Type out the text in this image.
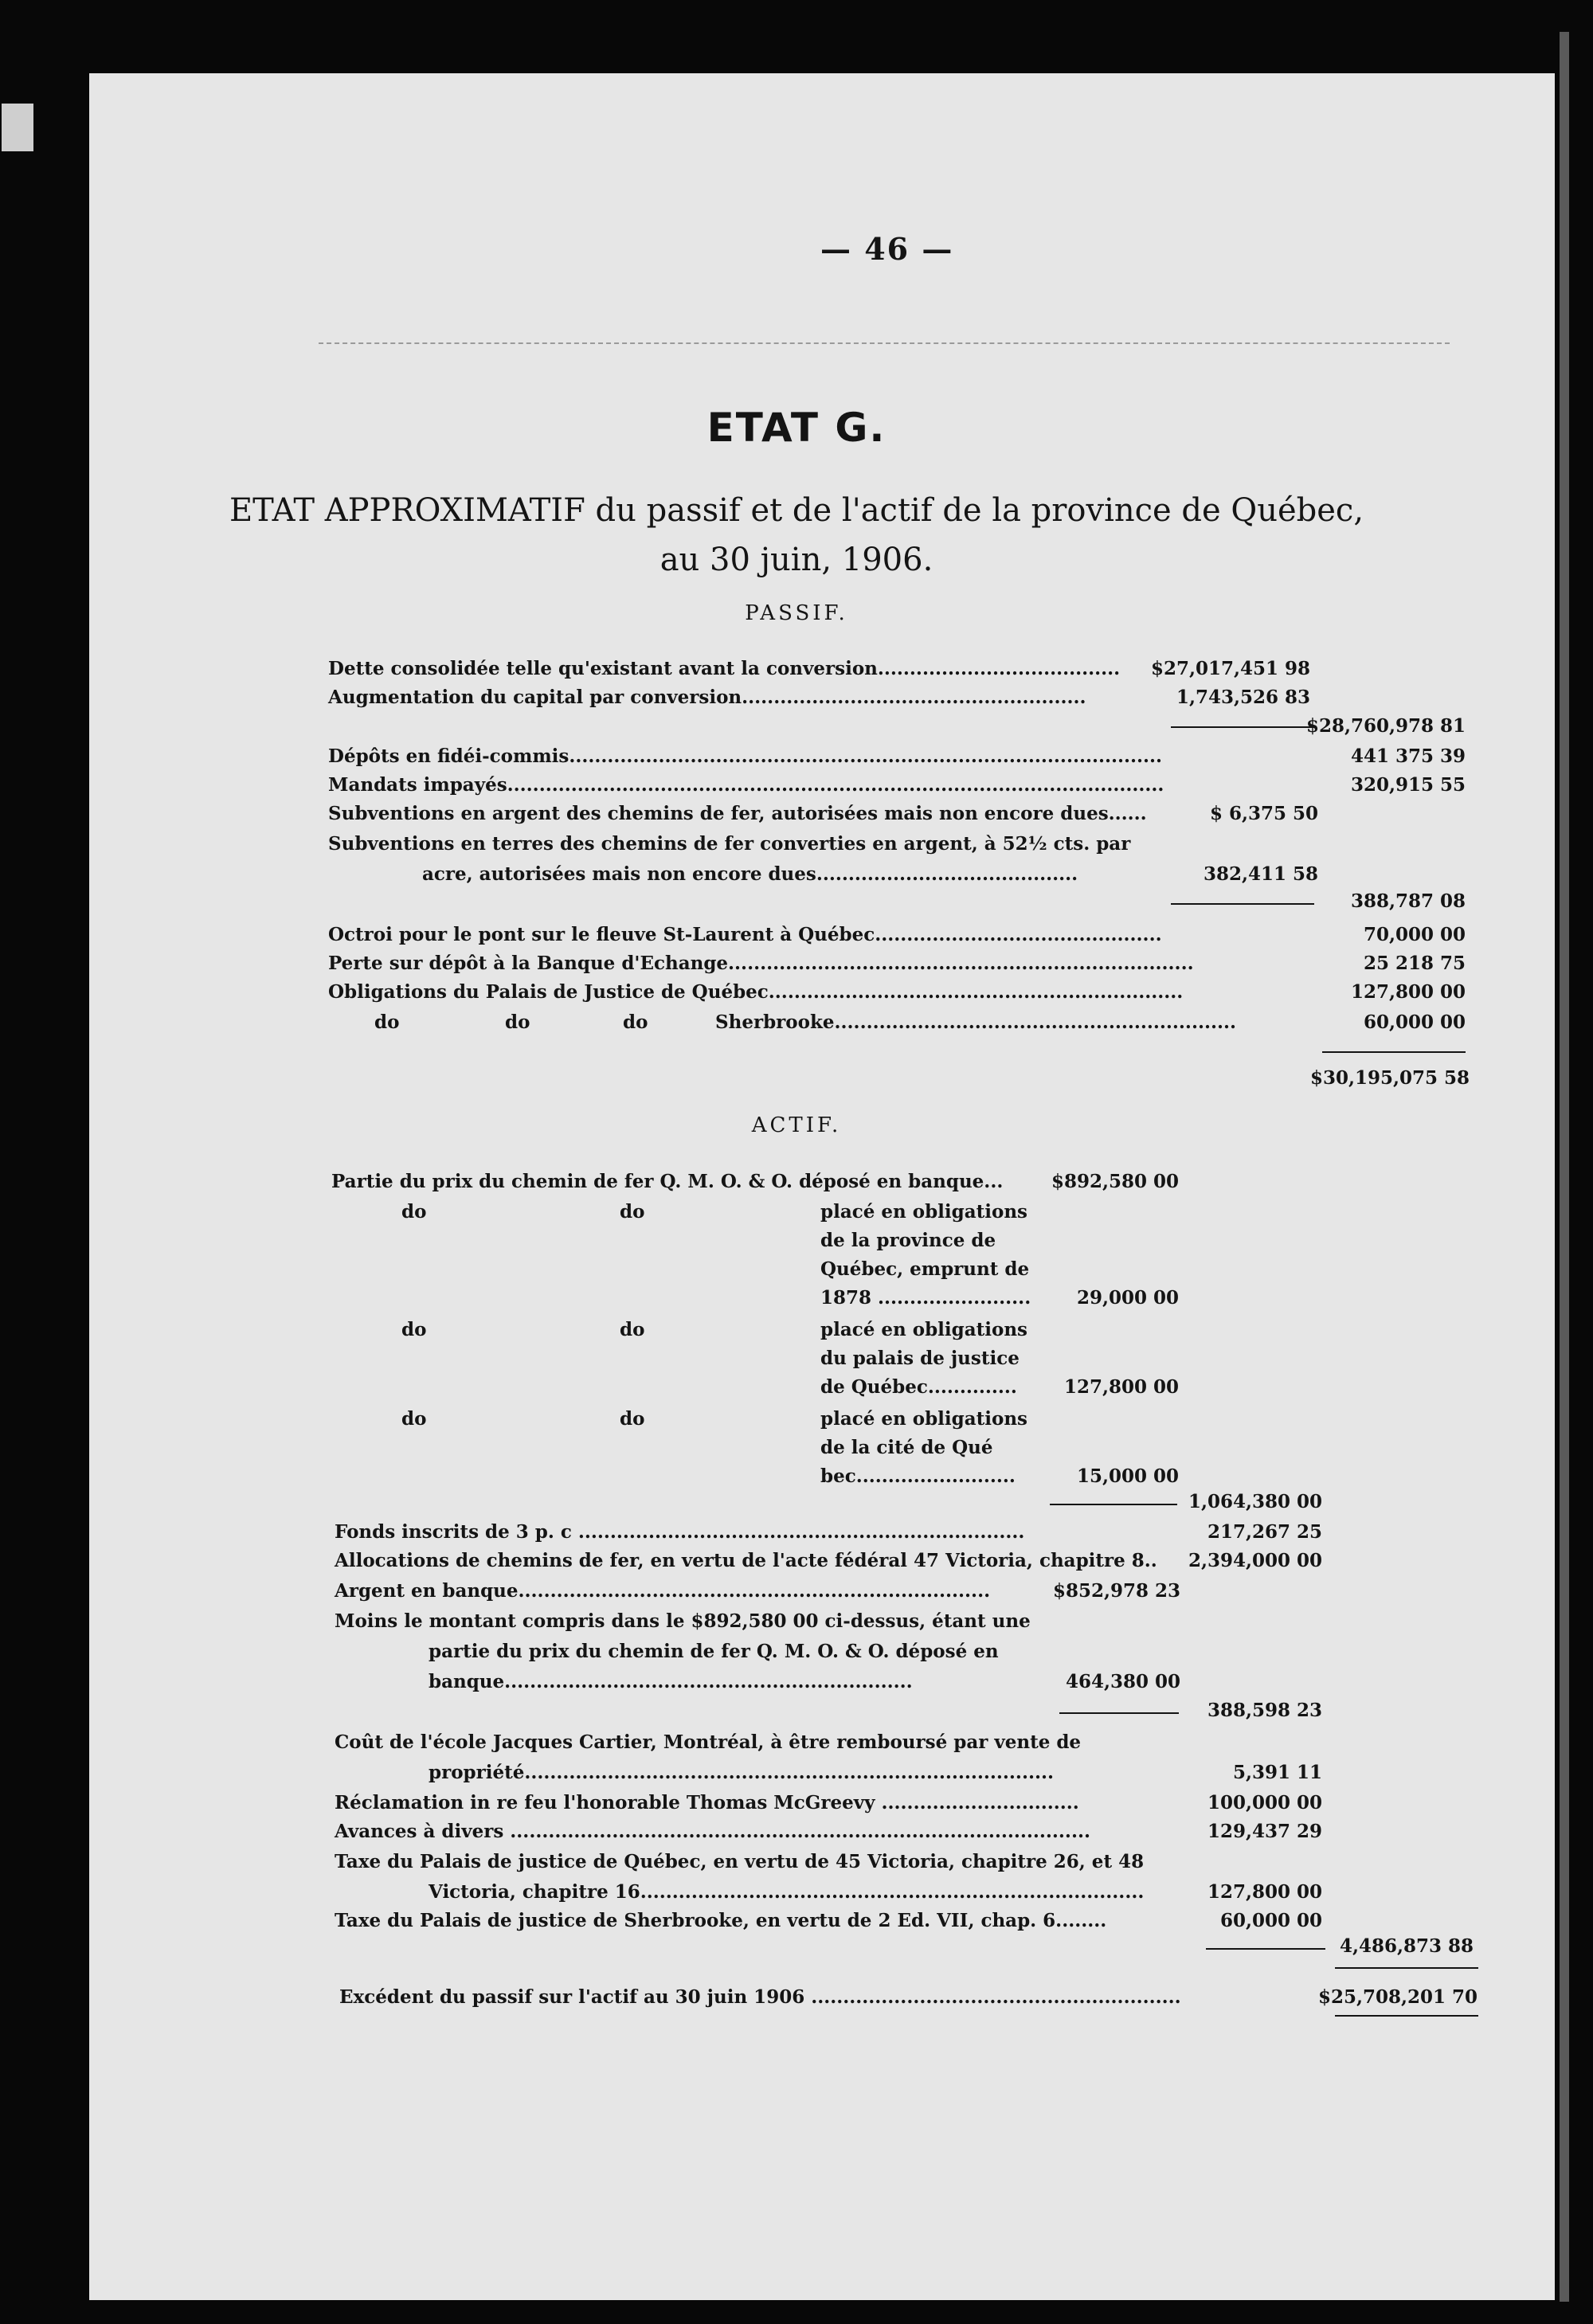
— 46 —
ETAT G.
ETAT APPROXIMATIF du passif et de l'actif de la province de Québec,
au 30 juin, 1906.
PASSIF.
Dette consolidée telle qu'existant avant la conversion...................................... $27,017,451 98
Augmentation du capital par conversion......................................................	1,743,526 83
$28,760,978 81
Dépôts en fidéi-commis.............................................................................................	441 375 39
Mandats impayés.......................................................................................................	320,915 55
Subventions en argent des chemins de fer, autorisées mais non encore dues......	$ 6,375 50
Subventions en terres des chemins de fer converties en argent, à 52½ cts. par
acre, autorisées mais non encore dues.........................................	382,411 58
388,787 08
Octroi pour le pont sur le fleuve St-Laurent à Québec.............................................	70,000 00
Perte sur dépôt à la Banque d'Echange.........................................................................	25 218 75
Obligations du Palais de Justice de Québec.................................................................	127,800 00
do	do	do	Sherbrooke...............................................................	60,000 00
$30,195,075 58
ACTIF.
Partie du prix du chemin de fer Q. M. O. & O. déposé en banque...	$892,580 00
do	do	placé en obligations
de la province de
Québec, emprunt de
1878 ........................	29,000 00
do	do	placé en obligations
du palais de justice
de Québec..............	127,800 00
do	do	placé en obligations
de la cité de Qué
bec.........................	15,000 00
1,064,380 00
Fonds inscrits de 3 p. c ......................................................................	217,267 25
Allocations de chemins de fer, en vertu de l'acte fédéral 47 Victoria, chapitre 8.. 2,394,000 00
Argent en banque..........................................................................	$852,978 23
Moins le montant compris dans le $892,580 00 ci-dessus, étant une
partie du prix du chemin de fer Q. M. O. & O. déposé en
banque................................................................	464,380 00
388,598 23
Coût de l'école Jacques Cartier, Montréal, à être remboursé par vente de
propriété...................................................................................	5,391 11
Réclamation in re feu l'honorable Thomas McGreevy ...............................	100,000 00
Avances à divers ...........................................................................................	129,437 29
Taxe du Palais de justice de Québec, en vertu de 45 Victoria, chapitre 26, et 48
Victoria, chapitre 16...............................................................................	127,800 00
Taxe du Palais de justice de Sherbrooke, en vertu de 2 Ed. VII, chap. 6........	60,000 00
4,486,873 88
Excédent du passif sur l'actif au 30 juin 1906 ..........................................................	$25,708,201 70
